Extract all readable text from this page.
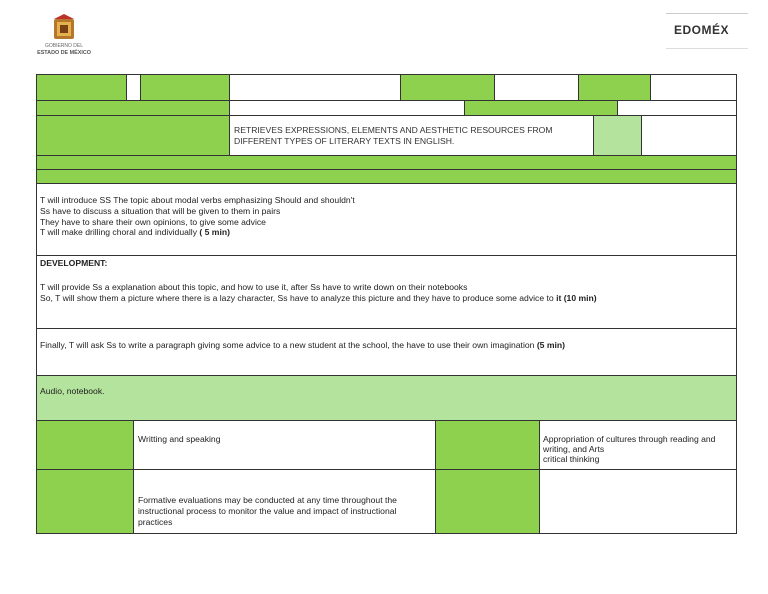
GOBIERNO DEL
ESTADO DE MÉXICO
EDOMÉX
RETRIEVES EXPRESSIONS, ELEMENTS AND AESTHETIC RESOURCES FROM DIFFERENT TYPES OF LITERARY TEXTS IN ENGLISH.
T will introduce SS The topic about modal verbs emphasizing Should and shouldn't
Ss have to discuss a situation that will be given to them in pairs
They have to share their own opinions, to give some advice
T will make drilling choral and individually ( 5 min)
DEVELOPMENT:
T will provide Ss a explanation about this topic, and how to use it, after Ss have to write down on their notebooks
So, T will show them a picture where there is a lazy character, Ss have to analyze this picture and they have to produce some advice to it (10 min)
Finally, T will ask Ss to write a paragraph giving some advice to a new student at the school, the have to use their own imagination (5 min)
Audio, notebook.
Writting and speaking	Appropriation of cultures through reading and
writing, and Arts
critical thinking
Formative evaluations may be conducted at any time throughout the
instructional process to monitor the value and impact of instructional
practices
